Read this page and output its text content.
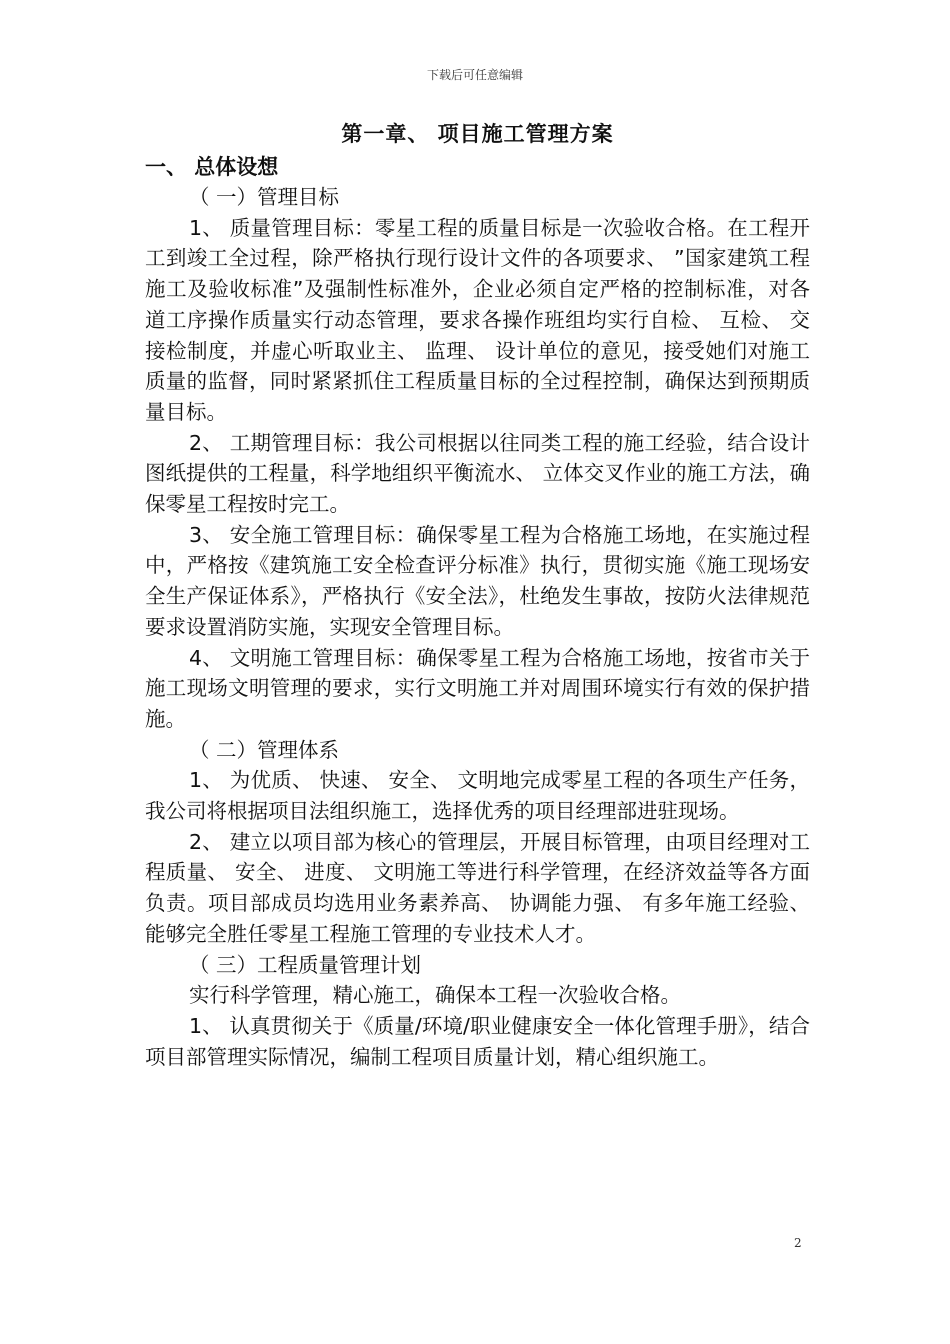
下载后可任意编辑
第一章、 项目施工管理方案
一、 总体设想
（ 一）管理目标

1、 质量管理目标：零星工程的质量目标是一次验收合格。在工程开工到竣工全过程，除严格执行现行设计文件的各项要求、 ”国家建筑工程施工及验收标准”及强制性标准外，企业必须自定严格的控制标准，对各道工序操作质量实行动态管理，要求各操作班组均实行自检、 互检、 交接检制度，并虚心听取业主、 监理、 设计单位的意见，接受她们对施工质量的监督，同时紧紧抓住工程质量目标的全过程控制，确保达到预期质量目标。

2、 工期管理目标：我公司根据以往同类工程的施工经验，结合设计图纸提供的工程量，科学地组织平衡流水、 立体交叉作业的施工方法，确保零星工程按时完工。

3、 安全施工管理目标：确保零星工程为合格施工场地，在实施过程中，严格按《建筑施工安全检查评分标准》执行，贯彻实施《施工现场安全生产保证体系》，严格执行《安全法》，杜绝发生事故，按防火法律规范要求设置消防实施，实现安全管理目标。

4、 文明施工管理目标：确保零星工程为合格施工场地，按省市关于施工现场文明管理的要求，实行文明施工并对周围环境实行有效的保护措施。

（ 二）管理体系

1、 为优质、 快速、 安全、 文明地完成零星工程的各项生产任务，我公司将根据项目法组织施工，选择优秀的项目经理部进驻现场。

2、 建立以项目部为核心的管理层，开展目标管理，由项目经理对工程质量、 安全、 进度、 文明施工等进行科学管理，在经济效益等各方面负责。项目部成员均选用业务素养高、 协调能力强、 有多年施工经验、 能够完全胜任零星工程施工管理的专业技术人才。

（ 三）工程质量管理计划

实行科学管理，精心施工，确保本工程一次验收合格。

1、 认真贯彻关于《质量/环境/职业健康安全一体化管理手册》，结合项目部管理实际情况，编制工程项目质量计划，精心组织施工。

2
